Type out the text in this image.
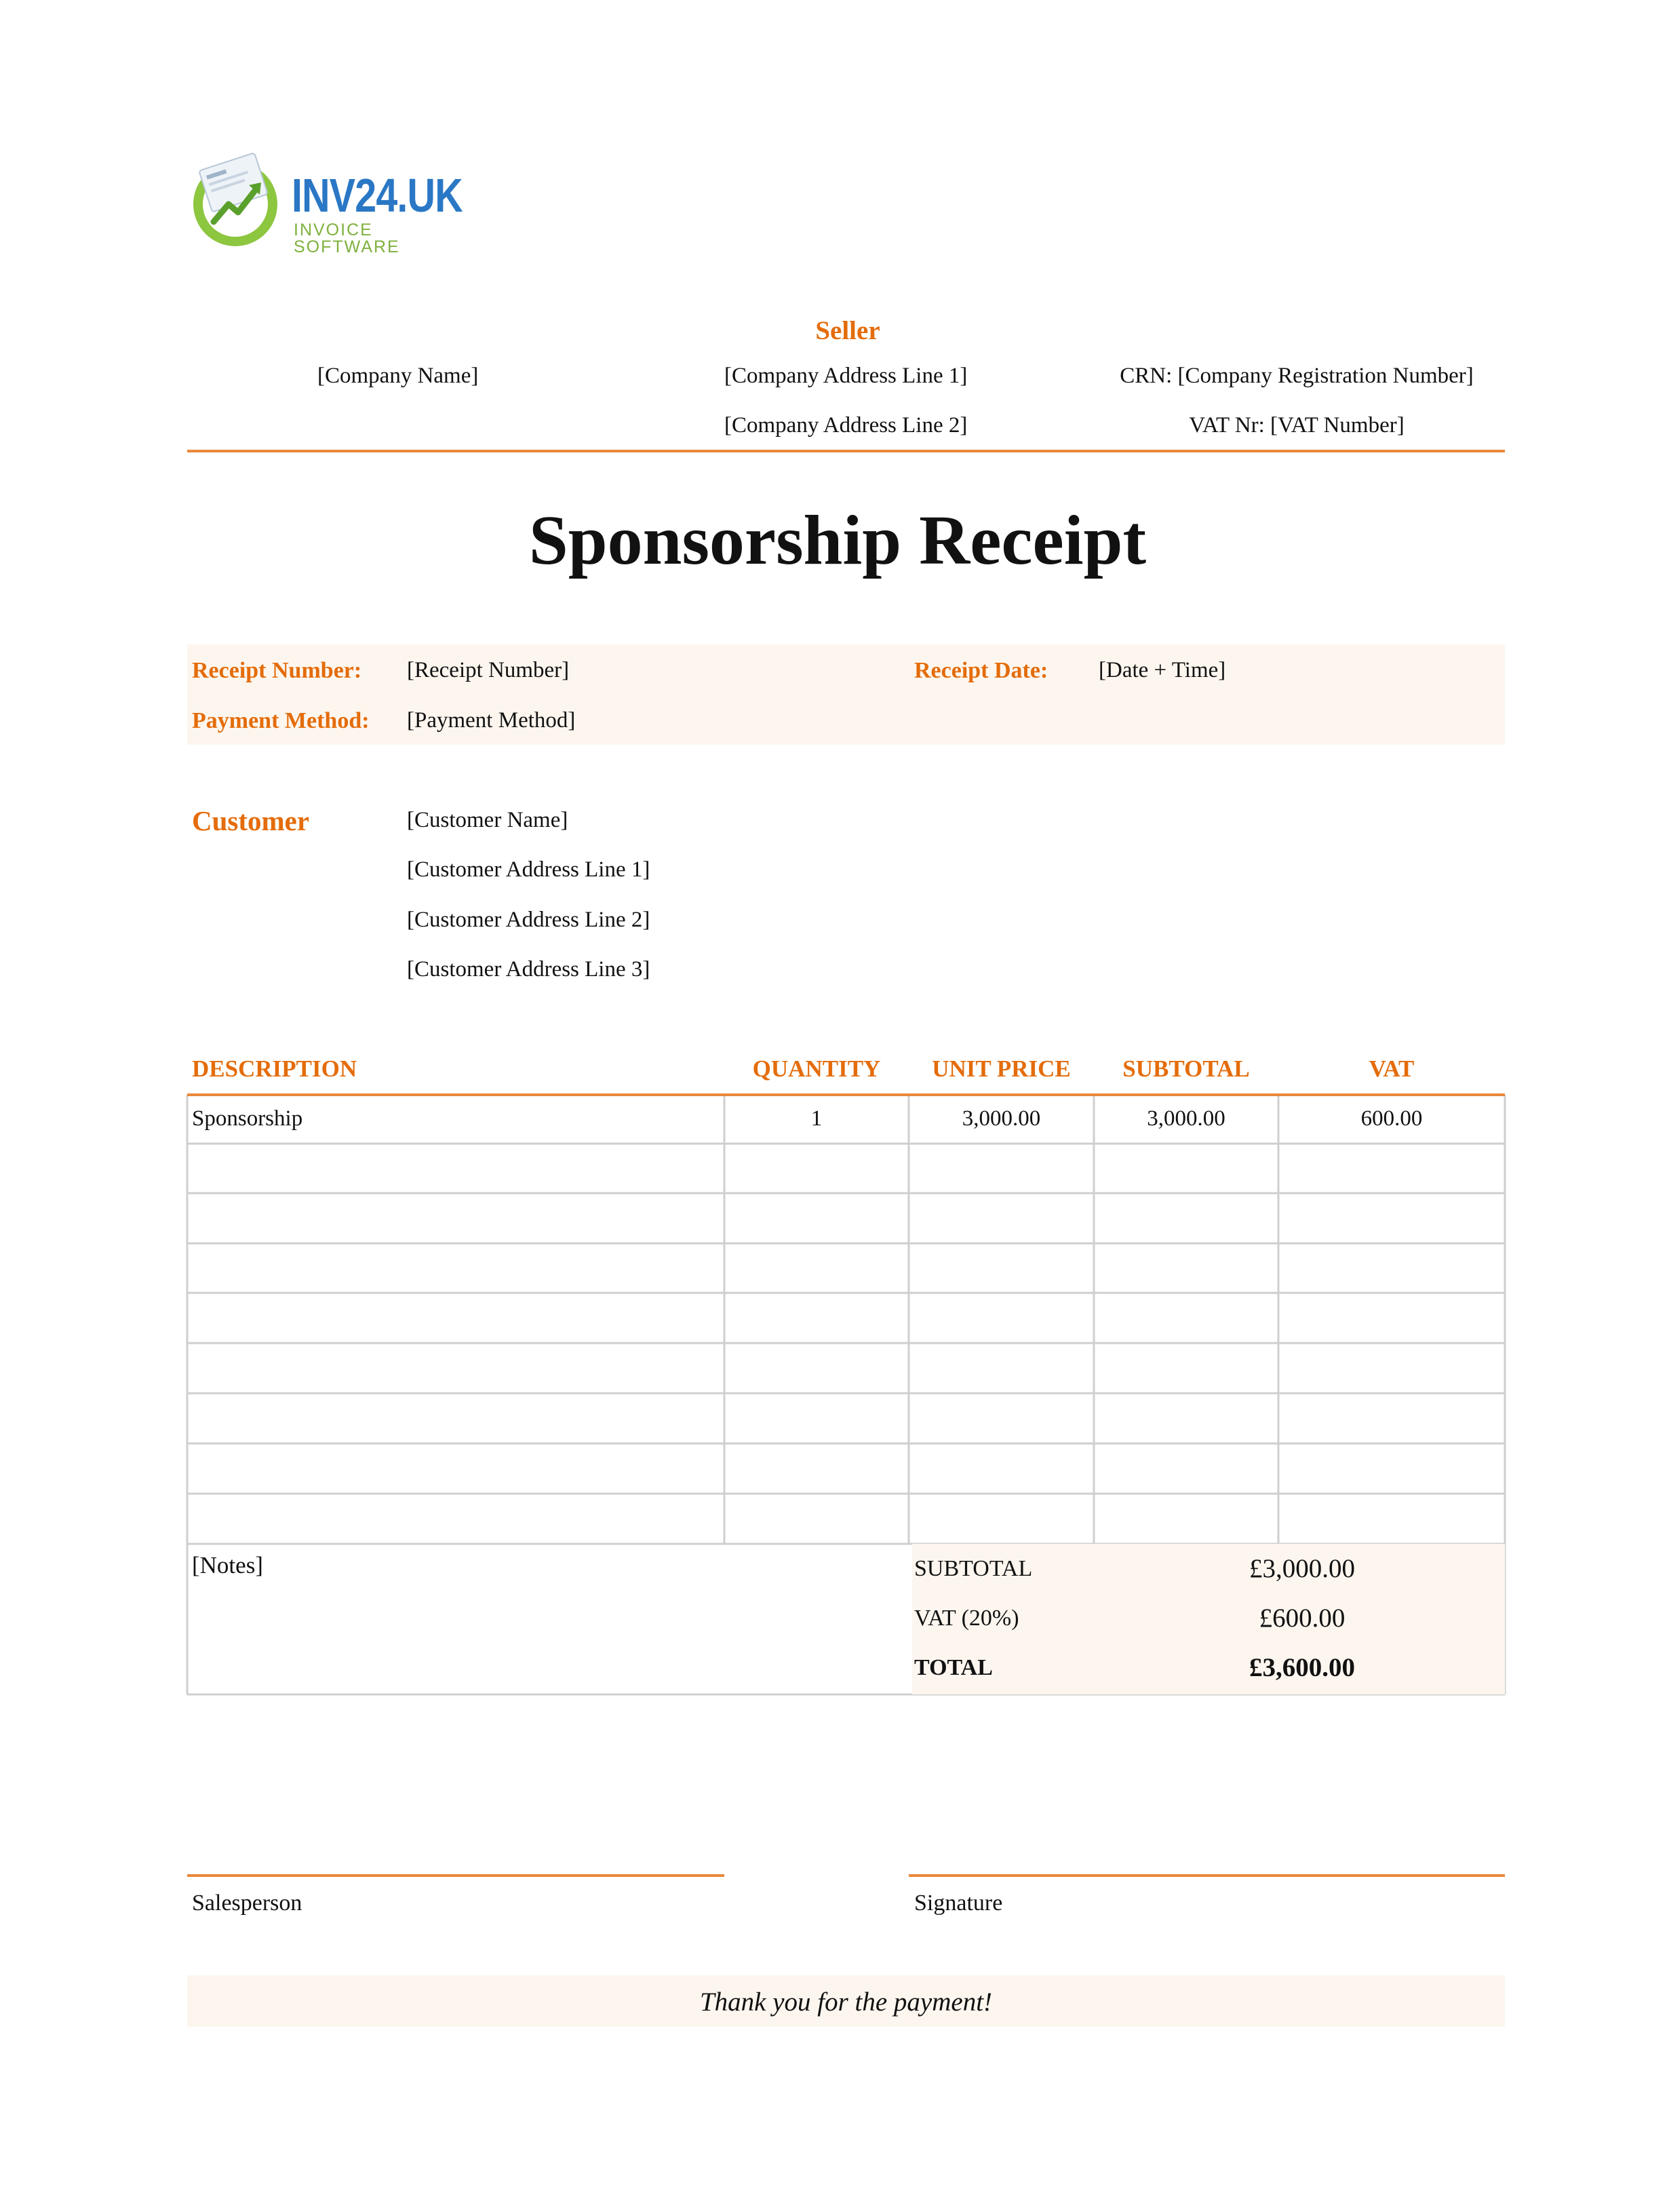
INV24.UK
INVOICE SOFTWARE
Seller
[Company Name]	[Company Address Line 1]
[Company Address Line 2]
CRN: [Company Registration Number]
VAT Nr: [VAT Number]
Sponsorship Receipt
Receipt Number: [Receipt Number]	Receipt Date: [Date + Time]
Payment Method: [Payment Method]
Customer	[Customer Name]
[Customer Address Line 1]
[Customer Address Line 2]
[Customer Address Line 3]
DESCRIPTION	QUANTITY	UNIT PRICE	SUBTOTAL	VAT
Sponsorship	1	3,000.00	3,000.00	600.00
[Notes]	SUBTOTAL	£3,000.00
VAT (20%)	£600.00
TOTAL	£3,600.00
Salesperson	Signature
Thank you for the payment!
